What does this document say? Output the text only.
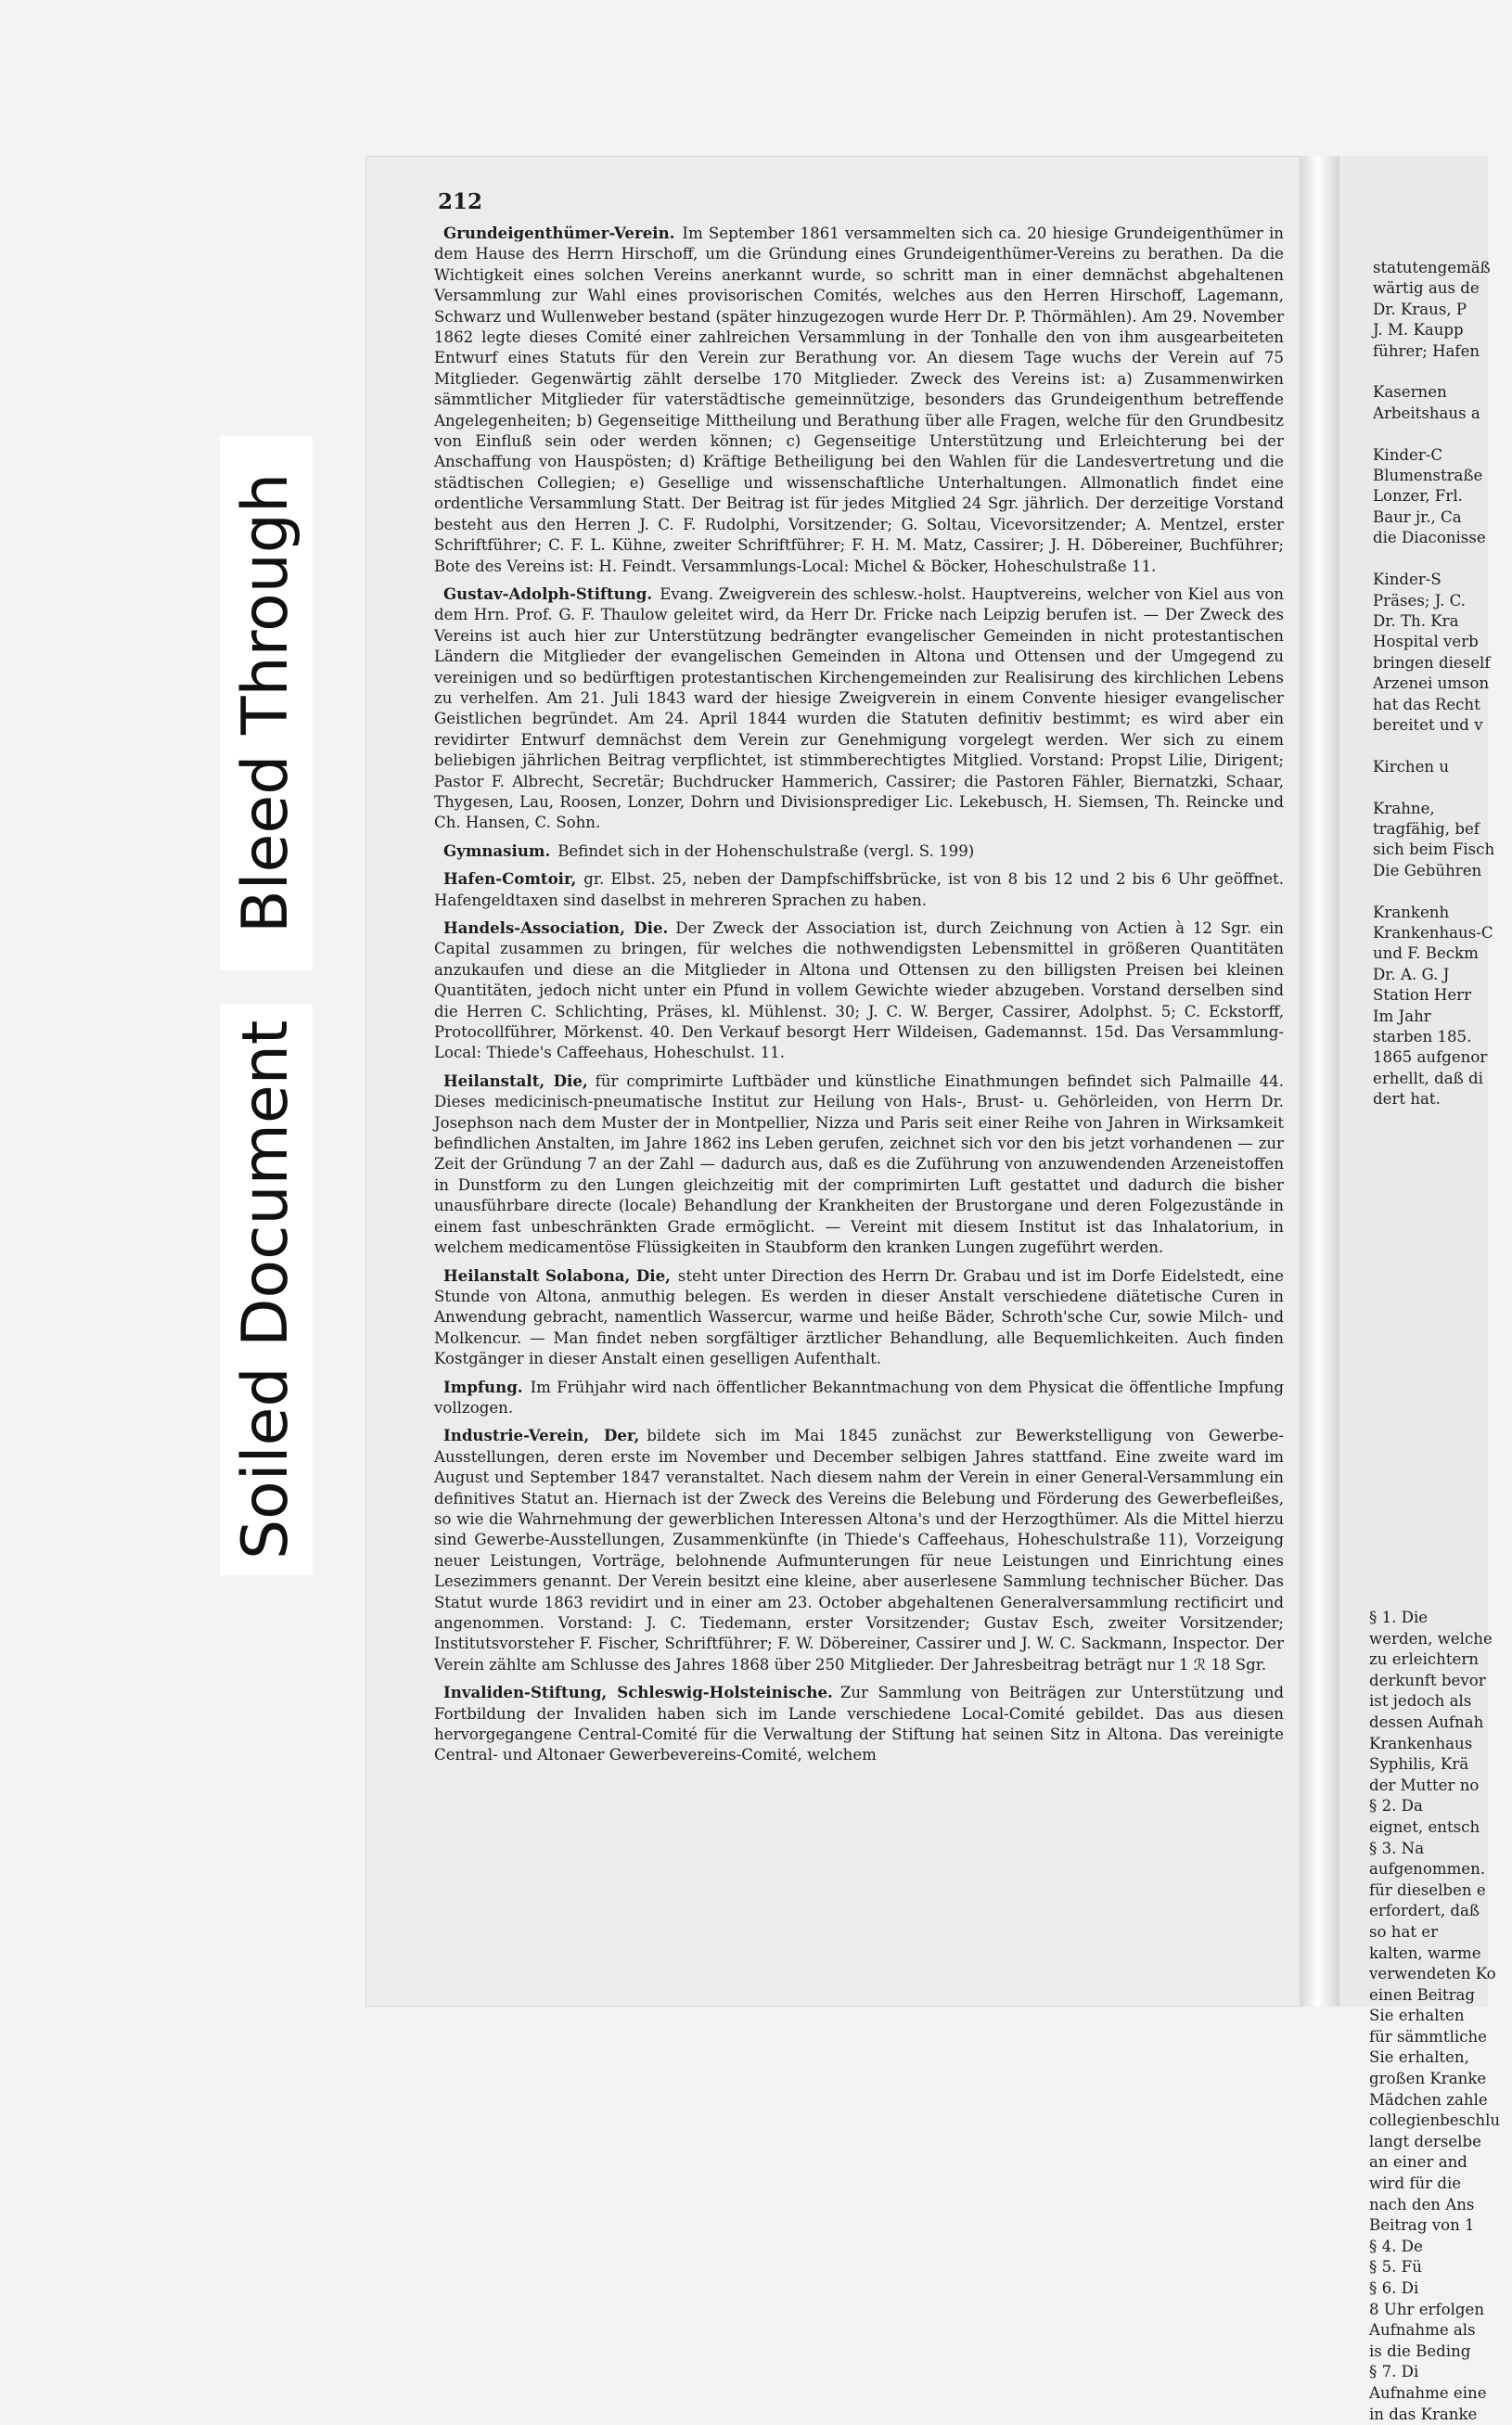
Bleed Through
Soiled Document
212

Grundeigenthümer-Verein. Im September 1861 versammelten sich ca. 20 hiesige Grundeigenthümer in dem Hause des Herrn Hirschoff, um die Gründung eines Grundeigenthümer-Vereins zu berathen. Da die Wichtigkeit eines solchen Vereins anerkannt wurde, so schritt man in einer demnächst abgehaltenen Versammlung zur Wahl eines provisorischen Comités, welches aus den Herren Hirschoff, Lagemann, Schwarz und Wullenweber bestand (später hinzugezogen wurde Herr Dr. P. Thörmählen). Am 29. November 1862 legte dieses Comité einer zahlreichen Versammlung in der Tonhalle den von ihm ausgearbeiteten Entwurf eines Statuts für den Verein zur Berathung vor. An diesem Tage wuchs der Verein auf 75 Mitglieder. Gegenwärtig zählt derselbe 170 Mitglieder. Zweck des Vereins ist: a) Zusammenwirken sämmtlicher Mitglieder für vaterstädtische gemeinnützige, besonders das Grundeigenthum betreffende Angelegenheiten; b) Gegenseitige Mittheilung und Berathung über alle Fragen, welche für den Grundbesitz von Einfluß sein oder werden können; c) Gegenseitige Unterstützung und Erleichterung bei der Anschaffung von Hauspösten; d) Kräftige Betheiligung bei den Wahlen für die Landesvertretung und die städtischen Collegien; e) Gesellige und wissenschaftliche Unterhaltungen. Allmonatlich findet eine ordentliche Versammlung Statt. Der Beitrag ist für jedes Mitglied 24 Sgr. jährlich. Der derzeitige Vorstand besteht aus den Herren J. C. F. Rudolphi, Vorsitzender; G. Soltau, Vicevorsitzender; A. Mentzel, erster Schriftführer; C. F. L. Kühne, zweiter Schriftführer; F. H. M. Matz, Cassirer; J. H. Döbereiner, Buchführer; Bote des Vereins ist: H. Feindt. Versammlungs-Local: Michel & Böcker, Hoheschulstraße 11.

Gustav-Adolph-Stiftung. Evang. Zweigverein des schlesw.-holst. Hauptvereins, welcher von Kiel aus von dem Hrn. Prof. G. F. Thaulow geleitet wird, da Herr Dr. Fricke nach Leipzig berufen ist. — Der Zweck des Vereins ist auch hier zur Unterstützung bedrängter evangelischer Gemeinden in nicht protestantischen Ländern die Mitglieder der evangelischen Gemeinden in Altona und Ottensen und der Umgegend zu vereinigen und so bedürftigen protestantischen Kirchengemeinden zur Realisirung des kirchlichen Lebens zu verhelfen. Am 21. Juli 1843 ward der hiesige Zweigverein in einem Convente hiesiger evangelischer Geistlichen begründet. Am 24. April 1844 wurden die Statuten definitiv bestimmt; es wird aber ein revidirter Entwurf demnächst dem Verein zur Genehmigung vorgelegt werden. Wer sich zu einem beliebigen jährlichen Beitrag verpflichtet, ist stimmberechtigtes Mitglied. Vorstand: Propst Lilie, Dirigent; Pastor F. Albrecht, Secretär; Buchdrucker Hammerich, Cassirer; die Pastoren Fähler, Biernatzki, Schaar, Thygesen, Lau, Roosen, Lonzer, Dohrn und Divisionsprediger Lic. Lekebusch, H. Siemsen, Th. Reincke und Ch. Hansen, C. Sohn.

Gymnasium. Befindet sich in der Hohenschulstraße (vergl. S. 199)

Hafen-Comtoir, gr. Elbst. 25, neben der Dampfschiffsbrücke, ist von 8 bis 12 und 2 bis 6 Uhr geöffnet. Hafengeldtaxen sind daselbst in mehreren Sprachen zu haben.

Handels-Association, Die. Der Zweck der Association ist, durch Zeichnung von Actien à 12 Sgr. ein Capital zusammen zu bringen, für welches die nothwendigsten Lebensmittel in größeren Quantitäten anzukaufen und diese an die Mitglieder in Altona und Ottensen zu den billigsten Preisen bei kleinen Quantitäten, jedoch nicht unter ein Pfund in vollem Gewichte wieder abzugeben. Vorstand derselben sind die Herren C. Schlichting, Präses, kl. Mühlenst. 30; J. C. W. Berger, Cassirer, Adolphst. 5; C. Eckstorff, Protocollführer, Mörkenst. 40. Den Verkauf besorgt Herr Wildeisen, Gademannst. 15d. Das Versammlung-Local: Thiede's Caffeehaus, Hoheschulst. 11.

Heilanstalt, Die, für comprimirte Luftbäder und künstliche Einathmungen befindet sich Palmaille 44. Dieses medicinisch-pneumatische Institut zur Heilung von Hals-, Brust- u. Gehörleiden, von Herrn Dr. Josephson nach dem Muster der in Montpellier, Nizza und Paris seit einer Reihe von Jahren in Wirksamkeit befindlichen Anstalten, im Jahre 1862 ins Leben gerufen, zeichnet sich vor den bis jetzt vorhandenen — zur Zeit der Gründung 7 an der Zahl — dadurch aus, daß es die Zuführung von anzuwendenden Arzeneistoffen in Dunstform zu den Lungen gleichzeitig mit der comprimirten Luft gestattet und dadurch die bisher unausführbare directe (locale) Behandlung der Krankheiten der Brustorgane und deren Folgezustände in einem fast unbeschränkten Grade ermöglicht. — Vereint mit diesem Institut ist das Inhalatorium, in welchem medicamentöse Flüssigkeiten in Staubform den kranken Lungen zugeführt werden.

Heilanstalt Solabona, Die, steht unter Direction des Herrn Dr. Grabau und ist im Dorfe Eidelstedt, eine Stunde von Altona, anmuthig belegen. Es werden in dieser Anstalt verschiedene diätetische Curen in Anwendung gebracht, namentlich Wassercur, warme und heiße Bäder, Schroth'sche Cur, sowie Milch- und Molkencur. — Man findet neben sorgfältiger ärztlicher Behandlung, alle Bequemlichkeiten. Auch finden Kostgänger in dieser Anstalt einen geselligen Aufenthalt.

Impfung. Im Frühjahr wird nach öffentlicher Bekanntmachung von dem Physicat die öffentliche Impfung vollzogen.

Industrie-Verein, Der, bildete sich im Mai 1845 zunächst zur Bewerkstelligung von Gewerbe-Ausstellungen, deren erste im November und December selbigen Jahres stattfand. Eine zweite ward im August und September 1847 veranstaltet. Nach diesem nahm der Verein in einer General-Versammlung ein definitives Statut an. Hiernach ist der Zweck des Vereins die Belebung und Förderung des Gewerbefleißes, so wie die Wahrnehmung der gewerblichen Interessen Altona's und der Herzogthümer. Als die Mittel hierzu sind Gewerbe-Ausstellungen, Zusammenkünfte (in Thiede's Caffeehaus, Hoheschulstraße 11), Vorzeigung neuer Leistungen, Vorträge, belohnende Aufmunterungen für neue Leistungen und Einrichtung eines Lesezimmers genannt. Der Verein besitzt eine kleine, aber auserlesene Sammlung technischer Bücher. Das Statut wurde 1863 revidirt und in einer am 23. October abgehaltenen Generalversammlung rectificirt und angenommen. Vorstand: J. C. Tiedemann, erster Vorsitzender; Gustav Esch, zweiter Vorsitzender; Institutsvorsteher F. Fischer, Schriftführer; F. W. Döbereiner, Cassirer und J. W. C. Sackmann, Inspector. Der Verein zählte am Schlusse des Jahres 1868 über 250 Mitglieder. Der Jahresbeitrag beträgt nur 1 ℛ 18 Sgr.

Invaliden-Stiftung, Schleswig-Holsteinische. Zur Sammlung von Beiträgen zur Unterstützung und Fortbildung der Invaliden haben sich im Lande verschiedene Local-Comité gebildet. Das aus diesen hervorgegangene Central-Comité für die Verwaltung der Stiftung hat seinen Sitz in Altona. Das vereinigte Central- und Altonaer Gewerbevereins-Comité, welchem

statutengemäß
wärtig aus de
Dr. Kraus, P
J. M. Kaupp
führer; Hafen

Kasernen
Arbeitshaus a

Kinder-C
Blumenstraße
Lonzer, Frl.
Baur jr., Ca
die Diaconisse

Kinder-S
Präses; J. C.
Dr. Th. Kra
Hospital verb
bringen dieself
Arzenei umson
hat das Recht
bereitet und v

Kirchen u

Krahne,
tragfähig, bef
sich beim Fisch
Die Gebühren

Krankenh
Krankenhaus-C
und F. Beckm
Dr. A. G. J
Station Herr
Im Jahr
starben 185.
1865 aufgenor
erhellt, daß di
dert hat.
§ 1. Die
werden, welche
zu erleichtern
derkunft bevor
ist jedoch als
dessen Aufnah
Krankenhaus
Syphilis, Krä
der Mutter no
§ 2. Da
eignet, entsch
§ 3. Na
aufgenommen.
für dieselben e
erfordert, daß
so hat er
kalten, warme
verwendeten Ko
einen Beitrag
Sie erhalten
für sämmtliche
Sie erhalten,
großen Kranke
Mädchen zahle
collegienbeschlu
langt derselbe
an einer and
wird für die
nach den Ans
Beitrag von 1
§ 4. De
§ 5. Fü
§ 6. Di
8 Uhr erfolgen
Aufnahme als
is die Beding
§ 7. Di
Aufnahme eine
in das Kranke
